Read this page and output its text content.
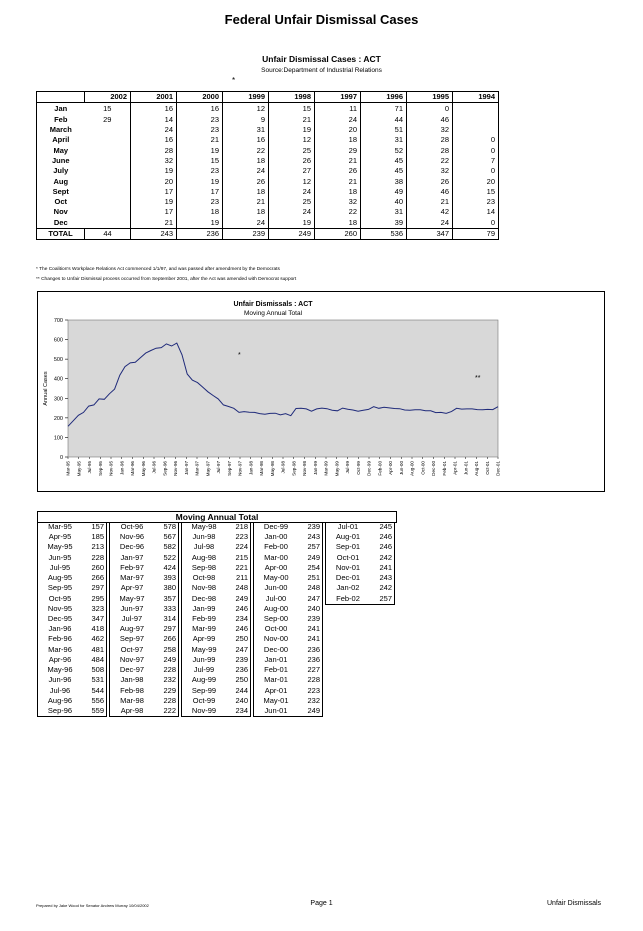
Federal Unfair Dismissal Cases
Unfair Dismissal Cases : ACT
Source:Department of Industrial Relations
*
	2002	2001	2000	1999	1998	1997	1996	1995	1994
Jan	15	16	16	12	15	11	71	0	
Feb	29	14	23	9	21	24	44	46	
March		24	23	31	19	20	51	32	
April		16	21	16	12	18	31	28	0
May		28	19	22	25	29	52	28	0
June		32	15	18	26	21	45	22	7
July		19	23	24	27	26	45	32	0
Aug		20	19	26	12	21	38	26	20
Sept		17	17	18	24	18	49	46	15
Oct		19	23	21	25	32	40	21	23
Nov		17	18	18	24	22	31	42	14
Dec		21	19	24	19	18	39	24	0
TOTAL	44	243	236	239	249	260	536	347	79
* The Coalition's Workplace Relations Act commenced 1/1/97, and was passed after amendment by the Democrats
** Changes to Unfair Dismissal process occurred from September 2001, after the Act was amended with Democrat support
Unfair Dismissals : ACT
Moving Annual Total
0
100
200
300
400
500
600
700
Annual Cases
Mar-95 May-95 Jul-95 Sep-95 Nov-95 Jan-96 Mar-96 May-96 Jul-96 Sep-96 Nov-96 Jan-97 Mar-97 May-97 Jul-97 Sep-97 Nov-97 Jan-98 Mar-98 May-98 Jul-98 Sep-98 Nov-98 Jan-99 Mar-99 May-99 Jul-99 Oct-99 Dec-99 Feb-00 Apr-00 Jun-00 Aug-00 Oct-00 Dec-00 Feb-01 Apr-01 Jun-01 Aug-01 Oct-01 Dec-01
*
**
Moving Annual Total
Mar-95	157
Apr-95	185
May-95	213
Jun-95	228
Jul-95	260
Aug-95	266
Sep-95	297
Oct-95	295
Nov-95	323
Dec-95	347
Jan-96	418
Feb-96	462
Mar-96	481
Apr-96	484
May-96	508
Jun-96	531
Jul-96	544
Aug-96	556
Sep-96	559
Oct-96	578
Nov-96	567
Dec-96	582
Jan-97	522
Feb-97	424
Mar-97	393
Apr-97	380
May-97	357
Jun-97	333
Jul-97	314
Aug-97	297
Sep-97	266
Oct-97	258
Nov-97	249
Dec-97	228
Jan-98	232
Feb-98	229
Mar-98	228
Apr-98	222
May-98	218
Jun-98	223
Jul-98	224
Aug-98	215
Sep-98	221
Oct-98	211
Nov-98	248
Dec-98	249
Jan-99	246
Feb-99	234
Mar-99	246
Apr-99	250
May-99	247
Jun-99	239
Jul-99	236
Aug-99	250
Sep-99	244
Oct-99	240
Nov-99	234
Dec-99	239
Jan-00	243
Feb-00	257
Mar-00	249
Apr-00	254
May-00	251
Jun-00	248
Jul-00	247
Aug-00	240
Sep-00	239
Oct-00	241
Nov-00	241
Dec-00	236
Jan-01	236
Feb-01	227
Mar-01	228
Apr-01	223
May-01	232
Jun-01	249
Jul-01	245
Aug-01	246
Sep-01	246
Oct-01	242
Nov-01	241
Dec-01	243
Jan-02	242
Feb-02	257
Prepared by Jake Wood for Senator Andrew Murray 10/04/2002	Page 1	Unfair Dismissals
